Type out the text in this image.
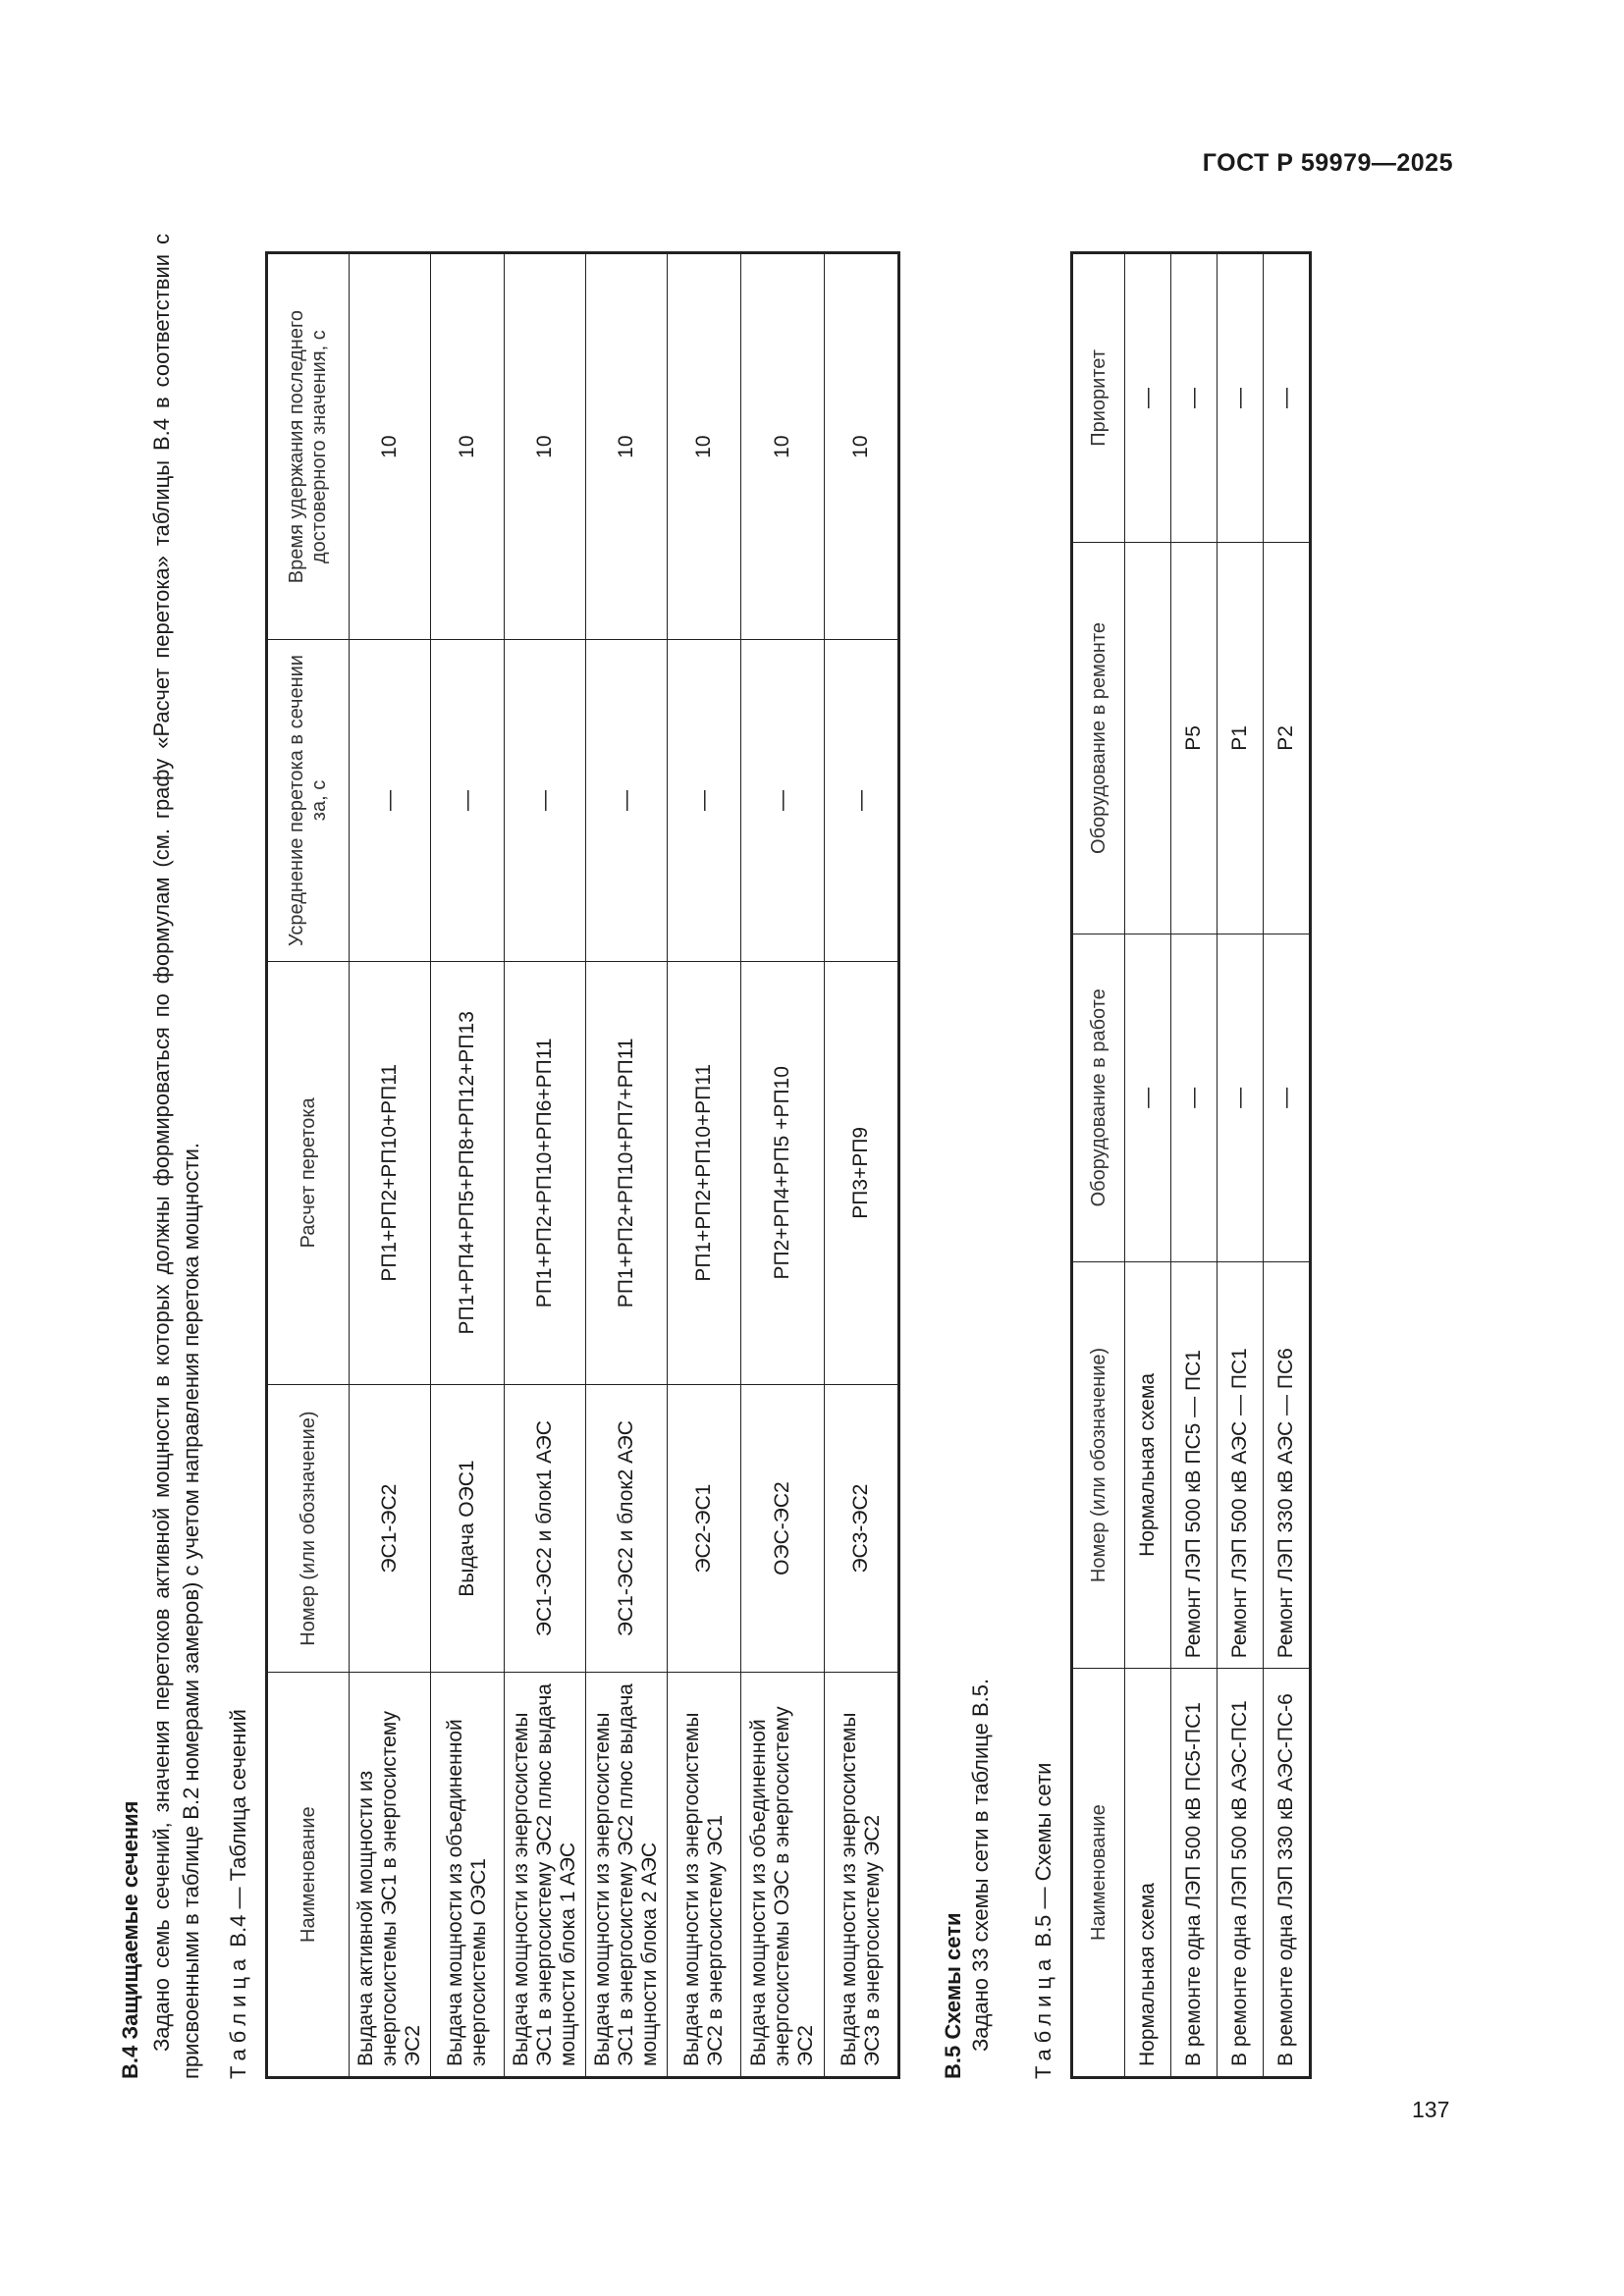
ГОСТ Р 59979—2025
137
В.4 Защищаемые сечения Задано семь сечений, значения перетоков активной мощности в которых должны формироваться по формулам (см. графу «Расчет перетока» таблицы В.4 в соответствии с присвоенными в таблице В.2 номерами замеров) с учетом направления перетока мощности. Таблица В.4 — Таблица сечений Наименование	Номер (или обозначение)	Расчет перетока	Усреднение перетока в сечении за, с	Время удержания последнего достоверного значения, с
Выдача активной мощности из энергосистемы ЭС1 в энергосистему ЭС2	ЭС1-ЭС2	РП1+РП2+РП10+РП11	—	10
Выдача мощности из объединенной энергосистемы ОЭС1	Выдача ОЭС1	РП1+РП4+РП5+РП8+РП12+РП13	—	10
Выдача мощности из энергосистемы ЭС1 в энергосистему ЭС2 плюс выдача мощности блока 1 АЭС	ЭС1-ЭС2 и блок1 АЭС	РП1+РП2+РП10+РП6+РП11	—	10
Выдача мощности из энергосистемы ЭС1 в энергосистему ЭС2 плюс выдача мощности блока 2 АЭС	ЭС1-ЭС2 и блок2 АЭС	РП1+РП2+РП10+РП7+РП11	—	10
Выдача мощности из энергосистемы ЭС2 в энергосистему ЭС1	ЭС2-ЭС1	РП1+РП2+РП10+РП11	—	10
Выдача мощности из объединенной энергосистемы ОЭС в энергосистему ЭС2	ОЭС-ЭС2	РП2+РП4+РП5 +РП10	—	10
Выдача мощности из энергосистемы ЭС3 в энергосистему ЭС2	ЭС3-ЭС2	РП3+РП9	—	10
В.5 Схемы сети Задано 33 схемы сети в таблице В.5. Таблица В.5 — Схемы сети Наименование	Номер (или обозначение)	Оборудование в работе	Оборудование в ремонте	Приоритет
Нормальная схема	Нормальная схема	—		—
В ремонте одна ЛЭП 500 кВ ПС5-ПС1	Ремонт ЛЭП 500 кВ ПС5 — ПС1	—	Р5	—
В ремонте одна ЛЭП 500 кВ АЭС-ПС1	Ремонт ЛЭП 500 кВ АЭС — ПС1	—	Р1	—
В ремонте одна ЛЭП 330 кВ АЭС-ПС-6	Ремонт ЛЭП 330 кВ АЭС — ПС6	—	Р2	—
